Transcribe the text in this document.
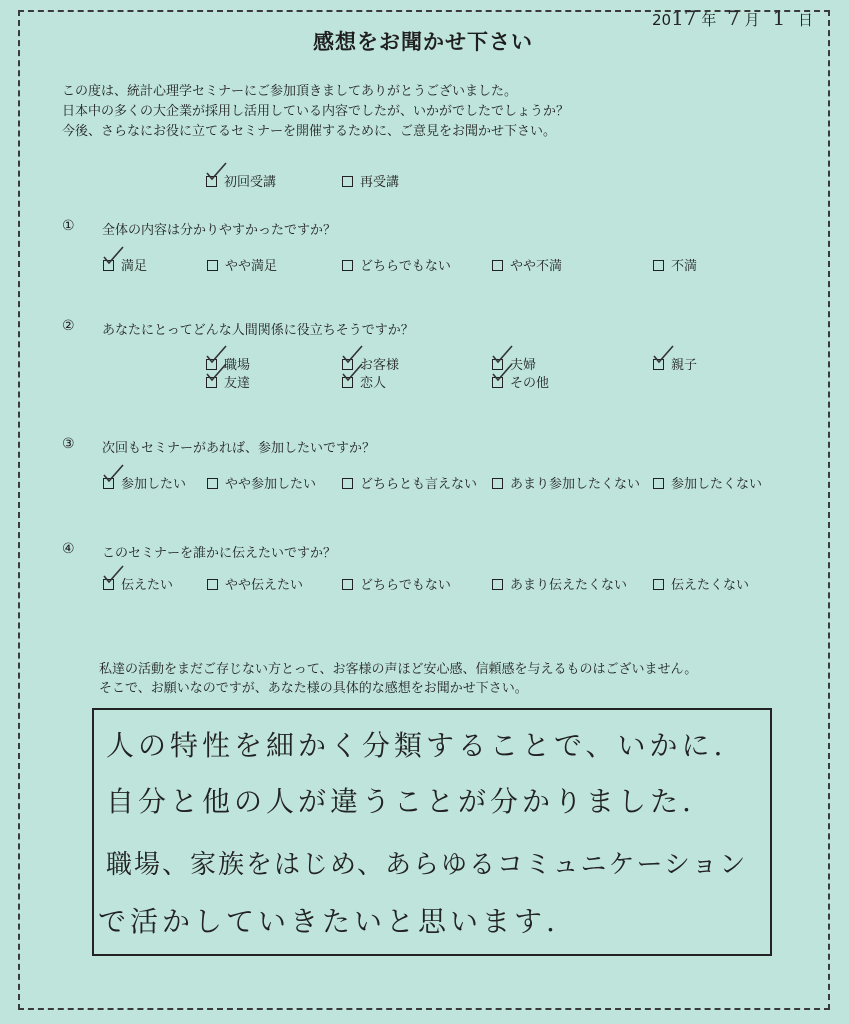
2017 年 7 月 1 日
感想をお聞かせ下さい
この度は、統計心理学セミナーにご参加頂きましてありがとうございました。
日本中の多くの大企業が採用し活用している内容でしたが、いかがでしたでしょうか？
今後、さらなにお役に立てるセミナーを開催するために、ご意見をお聞かせ下さい。
初回受講	再受講
① 全体の内容は分かりやすかったですか？
満足	やや満足	どちらでもない	やや不満	不満
② あなたにとってどんな人間関係に役立ちそうですか？
職場	お客様	夫婦	親子
友達	恋人	その他
③ 次回もセミナーがあれば、参加したいですか？
参加したい	やや参加したい	どちらとも言えない	あまり参加したくない	参加したくない
④ このセミナーを誰かに伝えたいですか？
伝えたい	やや伝えたい	どちらでもない	あまり伝えたくない	伝えたくない
私達の活動をまだご存じない方とって、お客様の声ほど安心感、信頼感を与えるものはございません。
そこで、お願いなのですが、あなた様の具体的な感想をお聞かせ下さい。
人の特性を細かく分類することで、いかに.
自分と他の人が違うことが分かりました.
職場、家族をはじめ、あらゆるコミュニケーション
で活かしていきたいと思います.
